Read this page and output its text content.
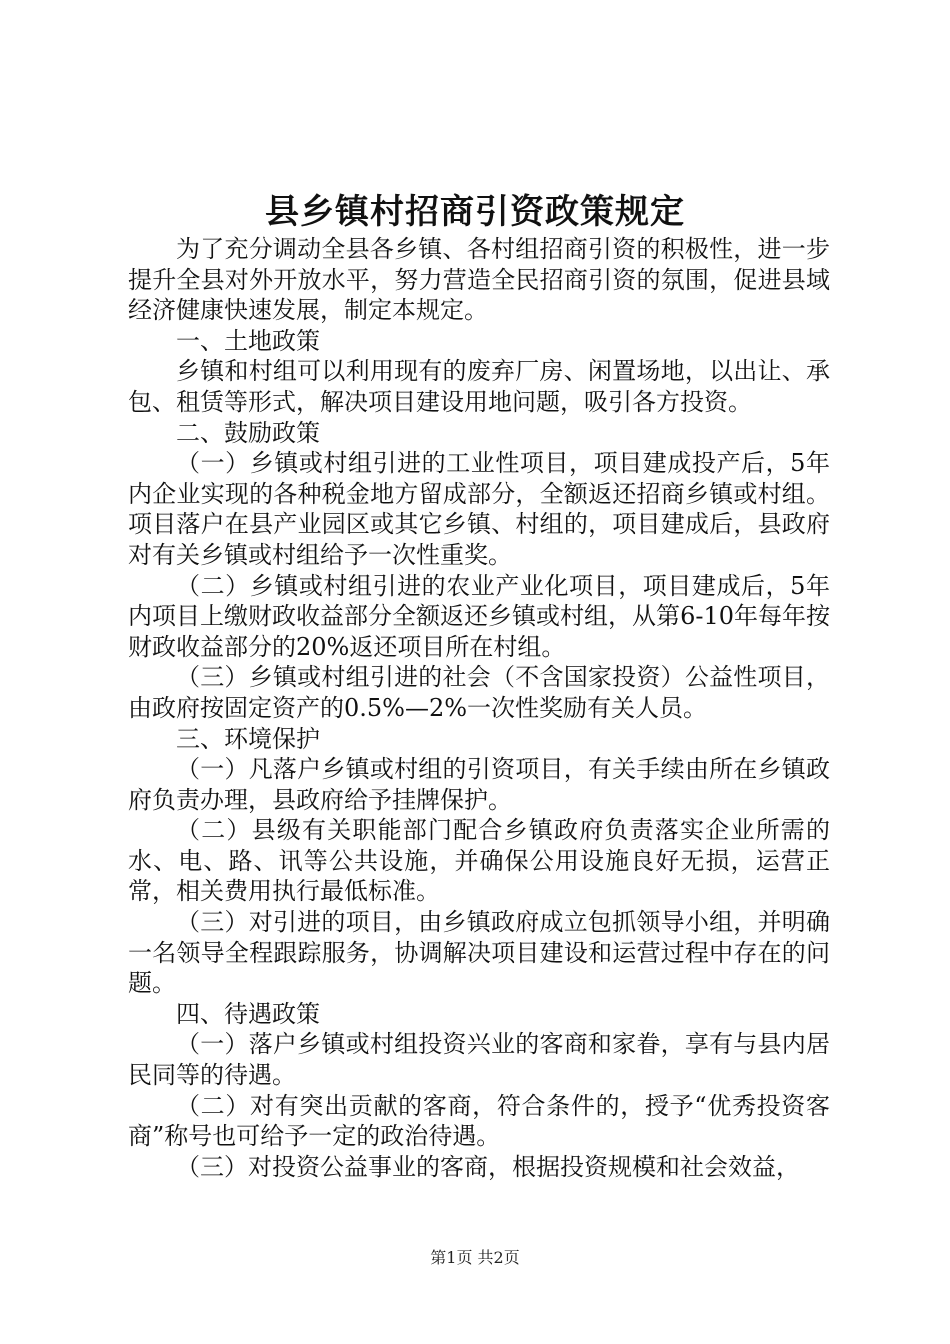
县乡镇村招商引资政策规定

为了充分调动全县各乡镇、各村组招商引资的积极性，进一步提升全县对外开放水平，努力营造全民招商引资的氛围，促进县域经济健康快速发展，制定本规定。

一、土地政策

乡镇和村组可以利用现有的废弃厂房、闲置场地，以出让、承包、租赁等形式，解决项目建设用地问题，吸引各方投资。

二、鼓励政策

（一）乡镇或村组引进的工业性项目，项目建成投产后，5年内企业实现的各种税金地方留成部分，全额返还招商乡镇或村组。项目落户在县产业园区或其它乡镇、村组的，项目建成后，县政府对有关乡镇或村组给予一次性重奖。

（二）乡镇或村组引进的农业产业化项目，项目建成后，5年内项目上缴财政收益部分全额返还乡镇或村组，从第6-10年每年按财政收益部分的20%返还项目所在村组。

（三）乡镇或村组引进的社会（不含国家投资）公益性项目，由政府按固定资产的0.5%—2%一次性奖励有关人员。

三、环境保护

（一）凡落户乡镇或村组的引资项目，有关手续由所在乡镇政府负责办理，县政府给予挂牌保护。

（二）县级有关职能部门配合乡镇政府负责落实企业所需的水、电、路、讯等公共设施，并确保公用设施良好无损，运营正常，相关费用执行最低标准。

（三）对引进的项目，由乡镇政府成立包抓领导小组，并明确一名领导全程跟踪服务，协调解决项目建设和运营过程中存在的问题。

四、待遇政策

（一）落户乡镇或村组投资兴业的客商和家眷，享有与县内居民同等的待遇。

（二）对有突出贡献的客商，符合条件的，授予“优秀投资客商”称号也可给予一定的政治待遇。

（三）对投资公益事业的客商，根据投资规模和社会效益，

第1页 共2页
